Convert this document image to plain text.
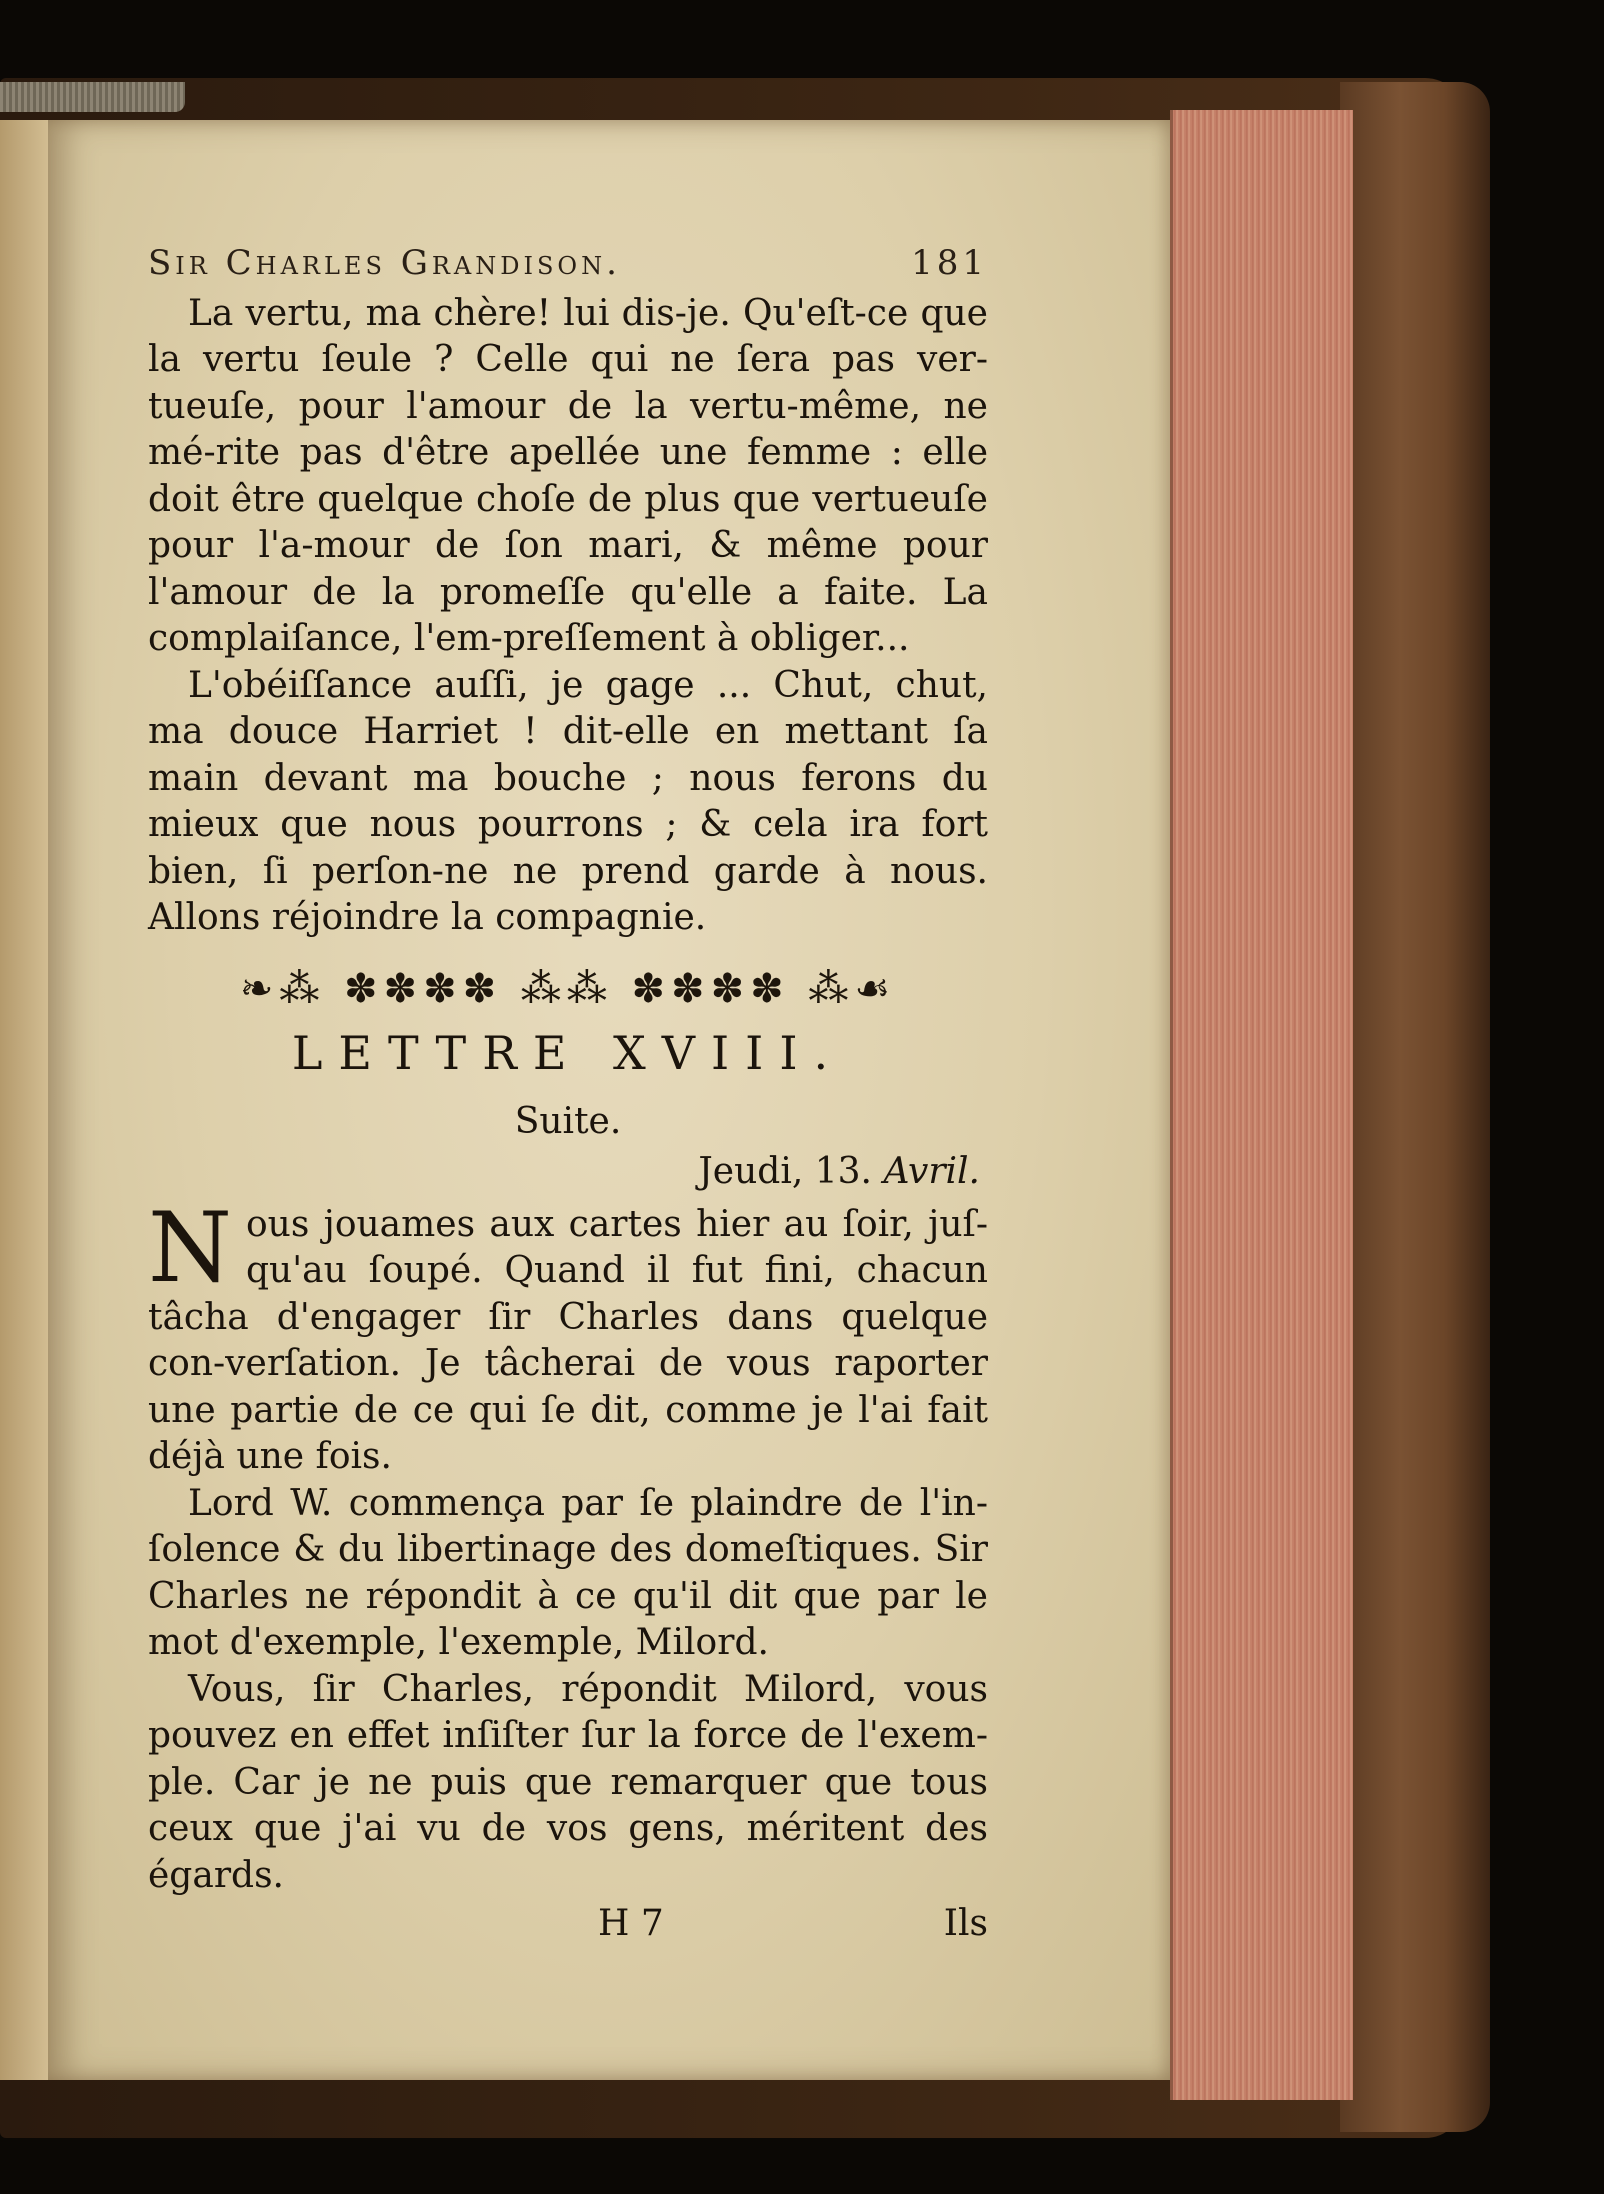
Sir Charles Grandison.	181

La vertu, ma chère! lui dis-je. Qu'eſt-ce que la vertu ſeule ? Celle qui ne ſera pas ver-tueuſe, pour l'amour de la vertu-même, ne mé-rite pas d'être apellée une femme : elle doit être quelque choſe de plus que vertueuſe pour l'a-mour de ſon mari, & même pour l'amour de la promeſſe qu'elle a faite. La complaiſance, l'em-preſſement à obliger...

L'obéiſſance auſſi, je gage ... Chut, chut, ma douce Harriet ! dit-elle en mettant ſa main devant ma bouche ; nous ferons du mieux que nous pourrons ; & cela ira fort bien, ſi perſon-ne ne prend garde à nous. Allons réjoindre la compagnie.

❧⁂ ✽✽✽✽ ⁂⁂ ✽✽✽✽ ⁂☙
LETTRE XVIII.
Suite.
Jeudi, 13. Avril.

N ous jouames aux cartes hier au ſoir, juſ-qu'au ſoupé. Quand il fut fini, chacun tâcha d'engager ſir Charles dans quelque con-verſation. Je tâcherai de vous raporter une partie de ce qui ſe dit, comme je l'ai fait déjà une fois.

Lord W. commença par ſe plaindre de l'in-ſolence & du libertinage des domeſtiques. Sir Charles ne répondit à ce qu'il dit que par le mot d'exemple, l'exemple, Milord.

Vous, ſir Charles, répondit Milord, vous pouvez en effet inſiſter ſur la force de l'exem-ple. Car je ne puis que remarquer que tous ceux que j'ai vu de vos gens, méritent des égards.

H 7	Ils
